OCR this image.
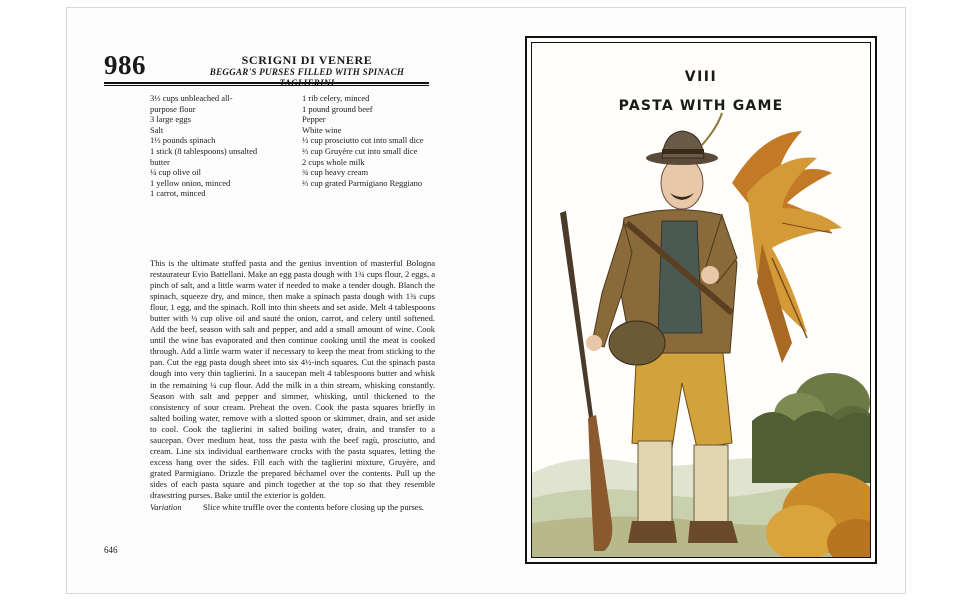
986	SCRIGNI DI VENERE
BEGGAR'S PURSES FILLED WITH SPINACH
3⅓ cups unbleached all-
purpose flour
3 large eggs
Salt
1½ pounds spinach
1 stick (8 tablespoons) unsalted
butter
¼ cup olive oil
1 yellow onion, minced
1 carrot, minced
1 rib celery, minced
1 pound ground beef
Pepper
White wine
½ cup prosciutto cut into small dice
⅔ cup Gruyère cut into small dice
2 cups whole milk
¾ cup heavy cream
⅔ cup grated Parmigiano Reggiano
This is the ultimate stuffed pasta and the genius invention of masterful Bologna restaurateur Evio Battellani. Make an egg pasta dough with 1¾ cups flour, 2 eggs, a pinch of salt, and a little warm water if needed to make a tender dough. Blanch the spinach, squeeze dry, and mince, then make a spinach pasta dough with 1¾ cups flour, 1 egg, and the spinach. Roll into thin sheets and set aside. Melt 4 tablespoons butter with ¼ cup olive oil and sauté the onion, carrot, and celery until softened. Add the beef, season with salt and pepper, and add a small amount of wine. Cook until the wine has evaporated and then continue cooking until the meat is cooked through. Add a little warm water if necessary to keep the meat from sticking to the pan. Cut the egg pasta dough sheet into six 4½-inch squares. Cut the spinach pasta dough into very thin taglierini. In a saucepan melt 4 tablespoons butter and whisk in the remaining ¼ cup flour. Add the milk in a thin stream, whisking constantly. Season with salt and pepper and simmer, whisking, until thickened to the consistency of sour cream. Preheat the oven. Cook the pasta squares briefly in salted boiling water, remove with a slotted spoon or skimmer, drain, and set aside to cool. Cook the taglierini in salted boiling water, drain, and transfer to a saucepan. Over medium heat, toss the pasta with the beef ragù, prosciutto, and cream. Line six individual earthenware crocks with the pasta squares, letting the excess hang over the sides. Fill each with the taglierini mixture, Gruyère, and grated Parmigiano. Drizzle the prepared béchamel over the contents. Pull up the sides of each pasta square and pinch together at the top so that they resemble drawstring purses. Bake until the exterior is golden.
Variation	Slice white truffle over the contents before closing up the purses.
646
VIII
PASTA WITH GAME
